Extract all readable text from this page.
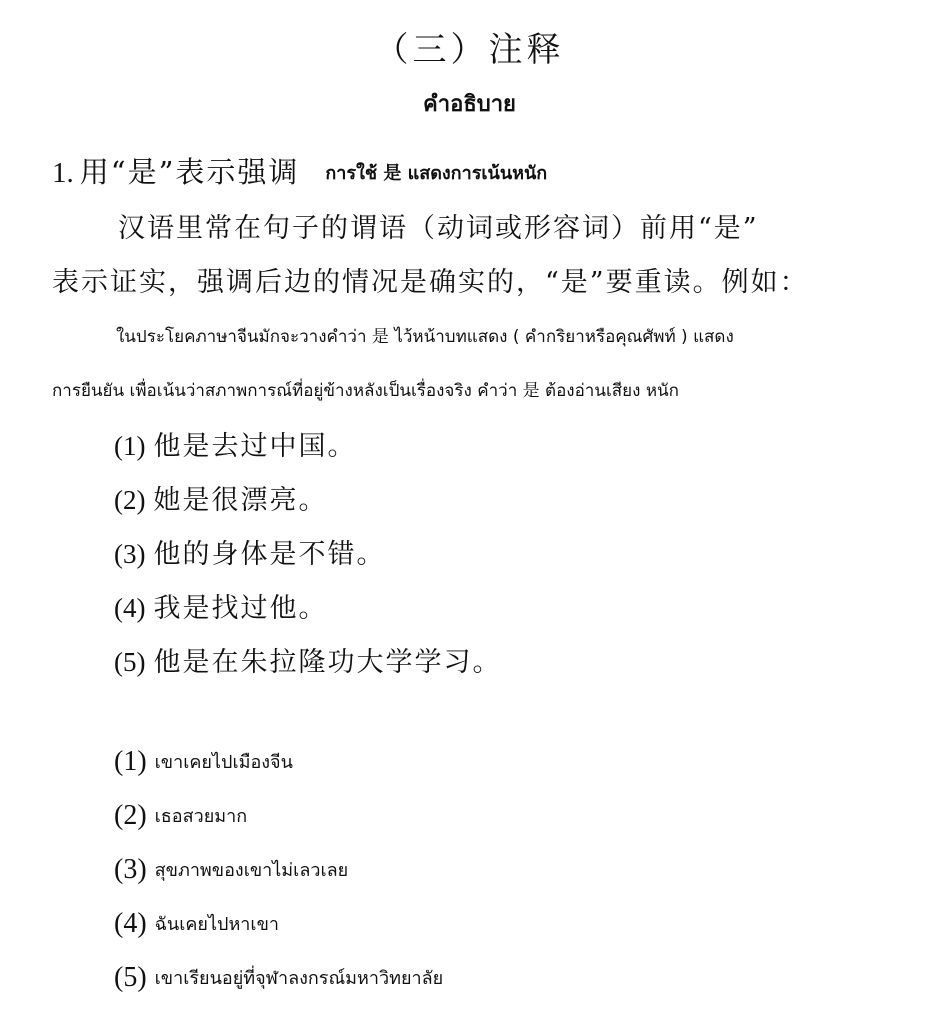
（三）注释
คำอธิบาย
1. 用“是”表示强调 การใช้ 是 แสดงการเน้นหนัก
汉语里常在句子的谓语（动词或形容词）前用“是”
表示证实，强调后边的情况是确实的，“是”要重读。例如：
ในประโยคภาษาจีนมักจะวางคำว่า 是 ไว้หน้าบทแสดง ( คำกริยาหรือคุณศัพท์ ) แสดง
การยืนยัน เพื่อเน้นว่าสภาพการณ์ที่อยู่ข้างหลังเป็นเรื่องจริง คำว่า 是 ต้องอ่านเสียง หนัก
(1) 他是去过中国。
(2) 她是很漂亮。
(3) 他的身体是不错。
(4) 我是找过他。
(5) 他是在朱拉隆功大学学习。
(1) เขาเคยไปเมืองจีน
(2) เธอสวยมาก
(3) สุขภาพของเขาไม่เลวเลย
(4) ฉันเคยไปหาเขา
(5) เขาเรียนอยู่ที่จุฬาลงกรณ์มหาวิทยาลัย
